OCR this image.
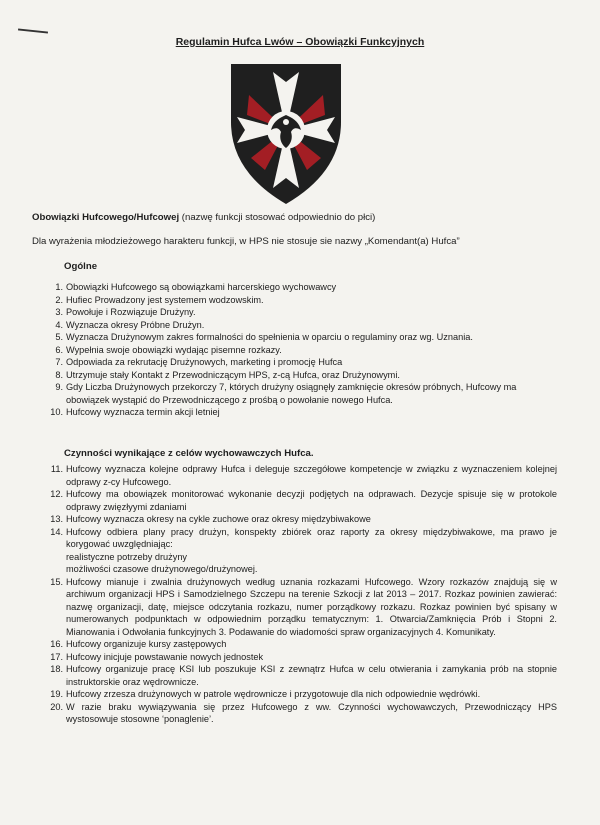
Regulamin Hufca Lwów – Obowiązki Funkcyjnych
Obowiązki Hufcowego/Hufcowej (nazwę funkcji stosować odpowiednio do płci)
Dla wyrażenia młodzieżowego harakteru funkcji, w HPS nie stosuje sie nazwy „Komendant(a) Hufca”
Ogólne
1. Obowiązki Hufcowego są obowiązkami harcerskiego wychowawcy
2. Hufiec Prowadzony jest systemem wodzowskim.
3. Powołuje i Rozwiązuje Drużyny.
4. Wyznacza okresy Próbne Drużyn.
5. Wyznacza Drużynowym zakres formalności do spełnienia w oparciu o regulaminy oraz wg. Uznania.
6. Wypełnia swoje obowiązki wydając pisemne rozkazy.
7. Odpowiada za rekrutację Drużynowych, marketing i promocję Hufca
8. Utrzymuje stały Kontakt z Przewodniczącym HPS, z-cą Hufca, oraz Drużynowymi.
9. Gdy Liczba Drużynowych przekorczy 7, których drużyny osiągnęły zamknięcie okresów próbnych, Hufcowy ma obowiązek wystąpić do Przewodniczącego z prośbą o powołanie nowego Hufca.
10. Hufcowy wyznacza termin akcji letniej
Czynności wynikające z celów wychowawczych Hufca.
11. Hufcowy wyznacza kolejne odprawy Hufca i deleguje szczegółowe kompetencje w związku z wyznaczeniem kolejnej odprawy z-cy Hufcowego.
12. Hufcowy ma obowiązek monitorować wykonanie decyzji podjętych na odprawach. Dezycje spisuje się w protokole odprawy zwięzłyymi zdaniami
13. Hufcowy wyznacza okresy na cykle zuchowe oraz okresy międzybiwakowe
14. Hufcowy odbiera plany pracy drużyn, konspekty zbiórek oraz raporty za okresy międzybiwakowe, ma prawo je korygować uwzględniając:
realistyczne potrzeby drużyny
możliwości czasowe drużynowego/drużynowej.
15. Hufcowy mianuje i zwalnia drużynowych według uznania rozkazami Hufcowego. Wzory rozkazów znajdują się w archiwum organizacji HPS i Samodzielnego Szczepu na terenie Szkocji z lat 2013 – 2017. Rozkaz powinien zawierać: nazwę organizacji, datę, miejsce odczytania rozkazu, numer porządkowy rozkazu. Rozkaz powinien być spisany w numerowanych podpunktach w odpowiednim porządku tematycznym: 1. Otwarcia/Zamknięcia Prób i Stopni 2. Mianowania i Odwołania funkcyjnych 3. Podawanie do wiadomości spraw organizacyjnych 4. Komunikaty.
16. Hufcowy organizuje kursy zastępowych
17. Hufcowy inicjuje powstawanie nowych jednostek
18. Hufcowy organizuje pracę KSI lub poszukuje KSI z zewnątrz Hufca w celu otwierania i zamykania prób na stopnie instruktorskie oraz wędrownicze.
19. Hufcowy zrzesza drużynowych w patrole wędrownicze i przygotowuje dla nich odpowiednie wędrówki.
20. W razie braku wywiązywania się przez Hufcowego z ww. Czynności wychowawczych, Przewodniczący HPS wystosowuje stosowne ‘ponaglenie’.
